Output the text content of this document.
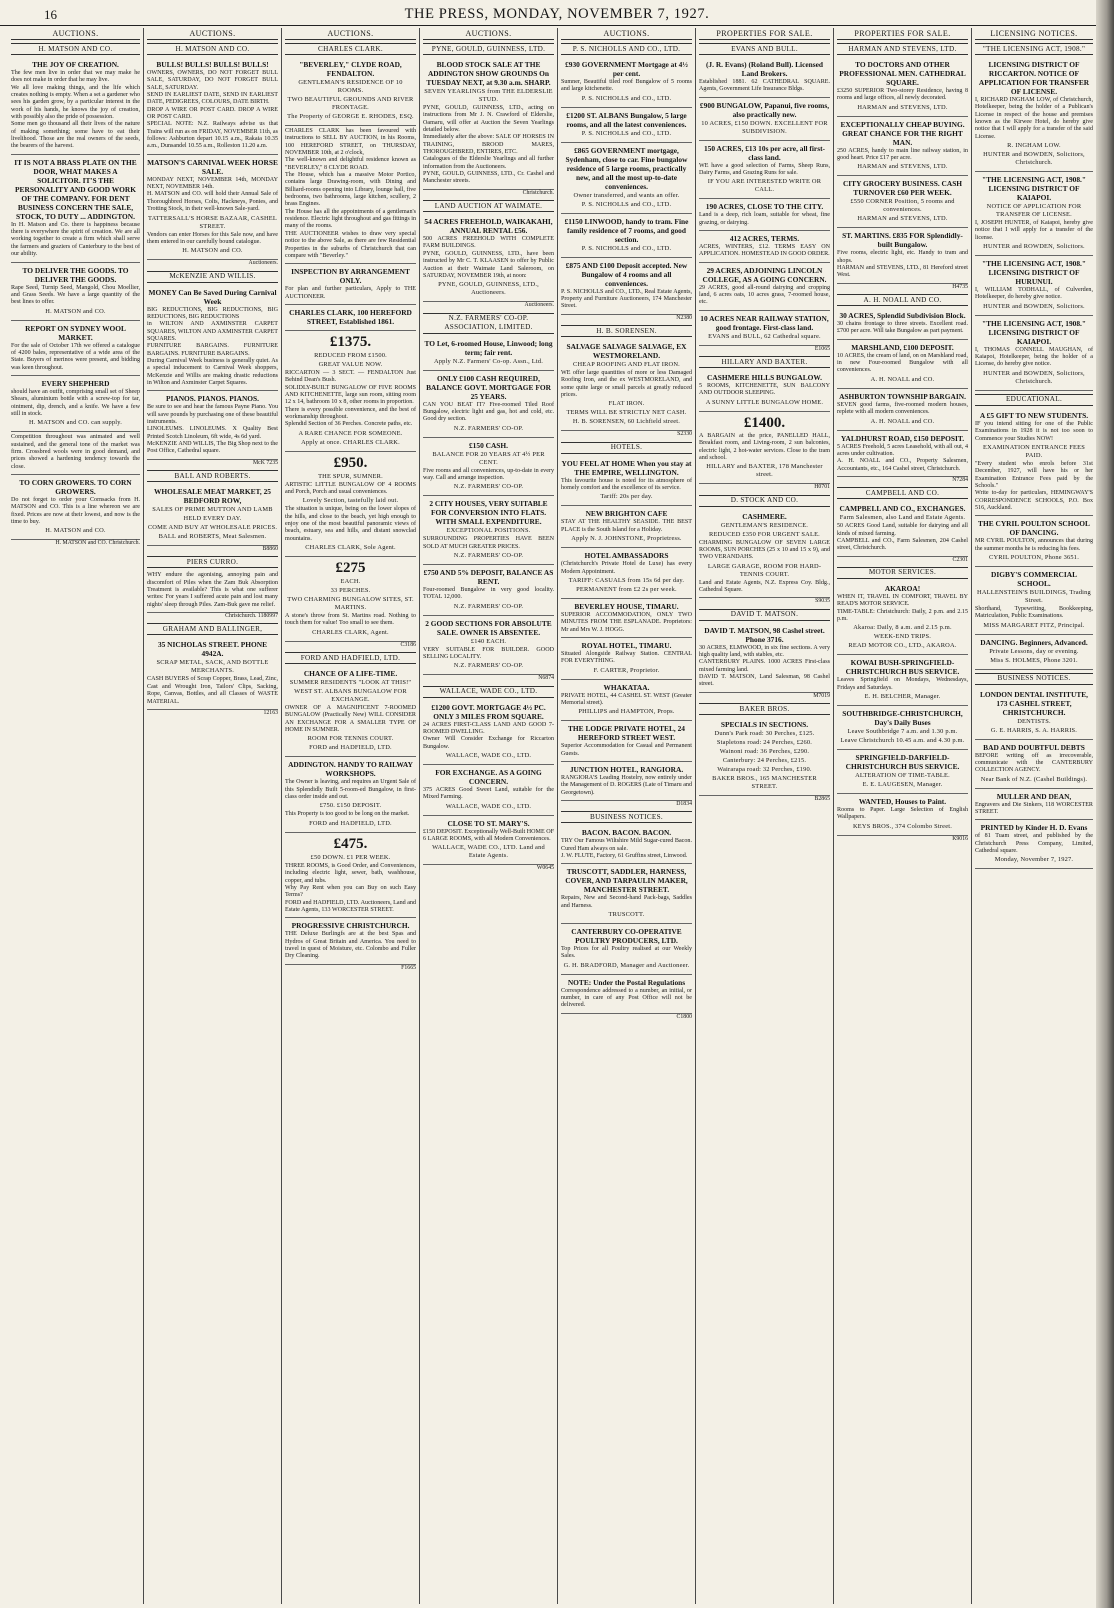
16	THE PRESS, MONDAY, NOVEMBER 7, 1927.
AUCTIONS.
H. MATSON AND CO.
THE JOY OF CREATION.
The few men live in order that we may make he does not make in order that he may live.
We all love making things, and the life which creates nothing is empty. When a set a gardener who sees his garden grow, by a particular interest in the work of his hands, he knows the joy of creation, with possibly also the pride of possession.
Some men go thousand all their lives of the nature of making something; some have to eat their livelihood. Those are the real owners of the seeds, the bearers of the harvest.
IT IS NOT A BRASS PLATE ON THE DOOR, WHAT MAKES A SOLICITOR. IT'S THE PERSONALITY AND GOOD WORK OF THE COMPANY. FOR DENT BUSINESS CONCERN THE SALE, STOCK, TO DUTY ... ADDINGTON.
In H. Matson and Co. there is happiness because there is everywhere the spirit of creation. We are all working together to create a firm which shall serve the farmers and graziers of Canterbury to the best of our ability.
TO DELIVER THE GOODS. TO DELIVER THE GOODS.
Rape Seed, Turnip Seed, Mangold, Chou Moellier, and Grass Seeds. We have a large quantity of the best lines to offer.
H. MATSON and CO.
REPORT ON SYDNEY WOOL MARKET.
For the sale of October 17th we offered a catalogue of 4200 bales, representative of a wide area of the State. Buyers of merinos were present, and bidding was keen throughout.
EVERY SHEPHERD
should have an outfit, comprising small set of Sheep Shears, aluminium bottle with a screw-top for tar, ointment, dip, drench, and a knife. We have a few still in stock.
H. MATSON and CO. can supply.
Competition throughout was animated and well sustained, and the general tone of the market was firm. Crossbred wools were in good demand, and prices showed a hardening tendency towards the close.
TO CORN GROWERS. TO CORN GROWERS.
Do not forget to order your Cornsacks from H. MATSON and CO. This is a line whereon we are fixed. Prices are now at their lowest, and now is the time to buy.
H. MATSON and CO.
H. MATSON and CO. Christchurch.
AUCTIONS.
H. MATSON AND CO.
BULLS! BULLS! BULLS! BULLS!
OWNERS, OWNERS, DO NOT FORGET BULL SALE, SATURDAY, DO NOT FORGET BULL SALE, SATURDAY.
SEND IN EARLIEST DATE, SEND IN EARLIEST DATE, PEDIGREES, COLOURS, DATE BIRTH.
DROP A WIRE OR POST CARD. DROP A WIRE OR POST CARD.
SPECIAL NOTE: N.Z. Railways advise us that Trains will run as on FRIDAY, NOVEMBER 11th, as follows: Ashburton depart 10.15 a.m., Rakaia 10.35 a.m., Dunsandel 10.55 a.m., Rolleston 11.20 a.m.
MATSON'S CARNIVAL WEEK HORSE SALE.
MONDAY NEXT, NOVEMBER 14th, MONDAY NEXT, NOVEMBER 14th.
H. MATSON and CO. will hold their Annual Sale of Thoroughbred Horses, Colts, Hackneys, Ponies, and Trotting Stock, in their well-known Sale-yard.
TATTERSALL'S HORSE BAZAAR, CASHEL STREET.
Vendors can enter Horses for this Sale now, and have them entered in our carefully bound catalogue.
H. MATSON and CO.
Auctioneers.
McKENZIE AND WILLIS.
MONEY Can Be Saved During Carnival Week
BIG REDUCTIONS, BIG REDUCTIONS, BIG REDUCTIONS, BIG REDUCTIONS
in WILTON AND AXMINSTER CARPET SQUARES, WILTON AND AXMINSTER CARPET SQUARES.
FURNITURE BARGAINS. FURNITURE BARGAINS. FURNITURE BARGAINS.
During Carnival Week business is generally quiet. As a special inducement to Carnival Week shoppers, McKenzie and Willis are making drastic reductions in Wilton and Axminster Carpet Squares.
PIANOS. PIANOS. PIANOS.
Be sure to see and hear the famous Payne Piano. You will save pounds by purchasing one of these beautiful instruments.
LINOLEUMS. LINOLEUMS. X Quality Best Printed Scotch Linoleum, 6ft wide, 4s 6d yard.
McKENZIE AND WILLIS, The Big Shop next to the Post Office, Cathedral square.
McK 7235
BALL AND ROBERTS.
WHOLESALE MEAT MARKET, 25 BEDFORD ROW,
SALES OF PRIME MUTTON AND LAMB
HELD EVERY DAY.
COME AND BUY AT WHOLESALE PRICES.
BALL and ROBERTS, Meat Salesmen.
B8860
PIERS CURRO.
WHY endure the agonising, annoying pain and discomfort of Piles when the Zam Buk Absorption Treatment is available? This is what one sufferer writes: For years I suffered acute pain and lost many nights' sleep through Piles. Zam-Buk gave me relief.
Christchurch. 1180997
GRAHAM AND BALLINGER,
35 NICHOLAS STREET. PHONE 4942A.
SCRAP METAL, SACK, AND BOTTLE MERCHANTS.
CASH BUYERS of Scrap Copper, Brass, Lead, Zinc, Cast and Wrought Iron, Tailors' Clips, Sacking, Rope, Canvas, Bottles, and all Classes of WASTE MATERIAL.
12163
AUCTIONS.
CHARLES CLARK.
"BEVERLEY," CLYDE ROAD, FENDALTON.
GENTLEMAN'S RESIDENCE OF 10 ROOMS.
TWO BEAUTIFUL GROUNDS AND RIVER FRONTAGE.
The Property of GEORGE E. RHODES, ESQ.
CHARLES CLARK has been favoured with instructions to SELL BY AUCTION, in his Rooms, 100 HEREFORD STREET, on THURSDAY, NOVEMBER 10th, at 2 o'clock,
The well-known and delightful residence known as "BEVERLEY," 8 CLYDE ROAD.
The House, which has a massive Motor Portico, contains large Drawing-room, with Dining and Billiard-rooms opening into Library, lounge hall, five bedrooms, two bathrooms, large kitchen, scullery, 2 brass Engines.
The House has all the appointments of a gentleman's residence. Electric light throughout and gas fittings in many of the rooms.
THE AUCTIONEER wishes to draw very special notice to the above Sale, as there are few Residential Properties in the suburbs of Christchurch that can compare with "Beverley."
INSPECTION BY ARRANGEMENT ONLY.
For plan and further particulars, Apply to THE AUCTIONEER.
CHARLES CLARK, 100 HEREFORD STREET, Established 1861.
£1375.
REDUCED FROM £1500.
GREAT VALUE NOW.
RICCARTON — 3 SECT. — FENDALTON Just Behind Dean's Bush.
SOLIDLY-BUILT BUNGALOW OF FIVE ROOMS AND KITCHENETTE, large sun room, sitting room 12 x 14, bathroom 10 x 8, other rooms in proportion.
There is every possible convenience, and the best of workmanship throughout.
Splendid Section of 36 Perches. Concrete paths, etc.
A RARE CHANCE FOR SOMEONE.
Apply at once. CHARLES CLARK.
£950.
THE SPUR, SUMNER.
ARTISTIC LITTLE BUNGALOW OF 4 ROOMS and Porch, Porch and usual conveniences.
Lovely Section, tastefully laid out.
The situation is unique, being on the lower slopes of the hills, and close to the beach, yet high enough to enjoy one of the most beautiful panoramic views of beach, estuary, sea and hills, and distant snowclad mountains.
CHARLES CLARK, Sole Agent.
£275
EACH.
33 PERCHES.
TWO CHARMING BUNGALOW SITES, ST. MARTINS.
A stone's throw from St. Martins road. Nothing to touch them for value! Too small to see them.
CHARLES CLARK, Agent.
C3186
FORD AND HADFIELD, LTD.
CHANCE OF A LIFE-TIME.
SUMMER RESIDENTS "LOOK AT THIS!"
WEST ST. ALBANS BUNGALOW FOR EXCHANGE.
OWNER OF A MAGNIFICENT 7-ROOMED BUNGALOW (Practically New) WILL CONSIDER AN EXCHANGE FOR A SMALLER TYPE OF HOME IN SUMNER.
ROOM FOR TENNIS COURT.
FORD and HADFIELD, LTD.
ADDINGTON. HANDY TO RAILWAY WORKSHOPS.
The Owner is leaving, and requires an Urgent Sale of this Splendidly Built 5-room-ed Bungalow, in first-class order inside and out.
£750. £150 DEPOSIT.
This Property is too good to be long on the market.
FORD and HADFIELD, LTD.
£475.
£50 DOWN. £1 PER WEEK.
THREE ROOMS, is Good Order, and Conveniences, including electric light, sewer, bath, washhouse, copper, and tubs.
Why Pay Rent when you can Buy on such Easy Terms?
FORD and HADFIELD, LTD. Auctioneers, Land and Estate Agents, 133 WORCESTER STREET.
PROGRESSIVE CHRISTCHURCH.
THE Deluxe Burlingfs are at the best Spas and Hydros of Great Britain and America. You need to travel in quest of Moisture, etc. Colombo and Fuller Dry Cleaning.
F1665
AUCTIONS.
PYNE, GOULD, GUINNESS, LTD.
BLOOD STOCK SALE AT THE ADDINGTON SHOW GROUNDS On TUESDAY NEXT, at 9.30 a.m. SHARP.
SEVEN YEARLINGS from THE ELDERSLIE STUD.
PYNE, GOULD, GUINNESS, LTD., acting on instructions from Mr J. N. Crawford of Elderslie, Oamaru, will offer at Auction the Seven Yearlings detailed below.
Immediately after the above: SALE OF HORSES IN TRAINING, BROOD MARES, THOROUGHBRED, ENTIRES, ETC.
Catalogues of the Elderslie Yearlings and all further information from the Auctioneers.
PYNE, GOULD, GUINNESS, LTD., Cr. Cashel and Manchester streets.
Christchurch.
LAND AUCTION AT WAIMATE.
54 ACRES FREEHOLD, WAIKAKAHI, ANNUAL RENTAL £56.
500 ACRES FREEHOLD WITH COMPLETE FARM BUILDINGS.
PYNE, GOULD, GUINNESS, LTD., have been instructed by Mr C. T. KLAASEN to offer by Public Auction at their Waimate Land Saleroom, on SATURDAY, NOVEMBER 19th, at noon:
PYNE, GOULD, GUINNESS, LTD., Auctioneers.
Auctioneers.
N.Z. FARMERS' CO-OP. ASSOCIATION, LIMITED.
TO Let, 6-roomed House, Linwood; long term; fair rent.
Apply N.Z. Farmers' Co-op. Assn., Ltd.
ONLY £100 CASH REQUIRED, BALANCE GOVT. MORTGAGE FOR 25 YEARS.
CAN YOU BEAT IT? Five-roomed Tiled Roof Bungalow, electric light and gas, hot and cold, etc. Good dry section.
N.Z. FARMERS' CO-OP.
£150 CASH.
BALANCE FOR 20 YEARS AT 4½ PER CENT.
Five rooms and all conveniences, up-to-date in every way. Call and arrange inspection.
N.Z. FARMERS' CO-OP.
2 CITY HOUSES, VERY SUITABLE FOR CONVERSION INTO FLATS. WITH SMALL EXPENDITURE.
EXCEPTIONAL POSITIONS.
SURROUNDING PROPERTIES HAVE BEEN SOLD AT MUCH GREATER PRICES.
N.Z. FARMERS' CO-OP.
£750 AND 5% DEPOSIT, BALANCE AS RENT.
Four-roomed Bungalow in very good locality. TOTAL 12,000.
N.Z. FARMERS' CO-OP.
2 GOOD SECTIONS FOR ABSOLUTE SALE. OWNER IS ABSENTEE.
£140 EACH.
VERY SUITABLE FOR BUILDER. GOOD SELLING LOCALITY.
N.Z. FARMERS' CO-OP.
N6874
WALLACE, WADE CO., LTD.
£1200 GOVT. MORTGAGE 4½ PC. ONLY 3 MILES FROM SQUARE.
24 ACRES FIRST-CLASS LAND AND GOOD 7-ROOMED DWELLING.
Owner Will Consider Exchange for Riccarton Bungalow.
WALLACE, WADE CO., LTD.
FOR EXCHANGE. AS A GOING CONCERN.
375 ACRES Good Sweet Land, suitable for the Mixed Farming.
WALLACE, WADE CO., LTD.
CLOSE TO ST. MARY'S.
£150 DEPOSIT. Exceptionally Well-Built HOME OF 6 LARGE ROOMS, with all Modern Conveniences.
WALLACE, WADE CO., LTD. Land and Estate Agents.
W0645
AUCTIONS.
P. S. NICHOLLS AND CO., LTD.
£930 GOVERNMENT Mortgage at 4½ per cent.
Sumner, Beautiful tiled roof Bungalow of 5 rooms and large kitchenette.
P. S. NICHOLLS and CO., LTD.
£1200 ST. ALBANS Bungalow, 5 large rooms, and all the latest conveniences.
P. S. NICHOLLS and CO., LTD.
£865 GOVERNMENT mortgage, Sydenham, close to car. Fine bungalow residence of 5 large rooms, practically new, and all the most up-to-date conveniences.
Owner transferred, and wants an offer.
P. S. NICHOLLS and CO., LTD.
£1150 LINWOOD, handy to tram. Fine family residence of 7 rooms, and good section.
P. S. NICHOLLS and CO., LTD.
£875 AND £100 Deposit accepted. New Bungalow of 4 rooms and all conveniences.
P. S. NICHOLLS and CO., LTD., Real Estate Agents, Property and Furniture Auctioneers, 174 Manchester Street.
N2380
H. B. SORENSEN.
SALVAGE SALVAGE SALVAGE, EX WESTMORELAND.
CHEAP ROOFING AND FLAT IRON.
WE offer large quantities of more or less Damaged Roofing Iron, and the ex WESTMORELAND, and some quite large or small parcels at greatly reduced prices.
FLAT IRON.
TERMS WILL BE STRICTLY NET CASH.
H. B. SORENSEN, 60 Lichfield street.
S2330
HOTELS.
YOU FEEL AT HOME When you stay at THE EMPIRE, WELLINGTON.
This favourite house is noted for its atmosphere of homely comfort and the excellence of its service.
Tariff: 20s per day.
NEW BRIGHTON CAFE
STAY AT THE HEALTHY SEASIDE. THE BEST PLACE is the South Island for a Holiday.
Apply N. J. JOHNSTONE, Proprietress.
HOTEL AMBASSADORS
(Christchurch's Private Hotel de Luxe) has every Modern Appointment.
TARIFF: CASUALS from 15s 6d per day.
PERMANENT from £2 2s per week.
BEVERLEY HOUSE, TIMARU.
SUPERIOR ACCOMMODATION, ONLY TWO MINUTES FROM THE ESPLANADE. Proprietors: Mr and Mrs W. J. HOGG.
ROYAL HOTEL, TIMARU.
Situated Alongside Railway Station. CENTRAL FOR EVERYTHING.
F. CARTER, Proprietor.
WHAKATAA.
PRIVATE HOTEL, 44 CASHEL ST. WEST (Greater Memorial street).
PHILLIPS and HAMPTON, Props.
THE LODGE PRIVATE HOTEL, 24 HEREFORD STREET WEST.
Superior Accommodation for Casual and Permanent Guests.
JUNCTION HOTEL, RANGIORA.
RANGIORA'S Leading Hostelry, now entirely under the Management of D. ROGERS (Late of Timaru and Georgetown).
D1834
BUSINESS NOTICES.
BACON. BACON. BACON.
TRY Our Famous Wiltshire Mild Sugar-cured Bacon. Cured Ham always on sale.
J. W. FLUTE, Factory, 61 Gruffins street, Linwood.
TRUSCOTT, SADDLER, HARNESS, COVER, AND TARPAULIN MAKER, MANCHESTER STREET.
Repairs, New and Second-hand Pack-bags, Saddles and Harness.
TRUSCOTT.
CANTERBURY CO-OPERATIVE POULTRY PRODUCERS, LTD.
Top Prices for all Poultry realised at our Weekly Sales.
G. H. BRADFORD, Manager and Auctioneer.
NOTE: Under the Postal Regulations
Correspondence addressed to a number, an initial, or number, in care of any Post Office will not be delivered.
C1800
PROPERTIES FOR SALE.
EVANS AND BULL.
(J. R. Evans) (Roland Bull). Licensed Land Brokers.
Established 1881. 62 CATHEDRAL SQUARE. Agents, Government Life Insurance Bldgs.
£900 BUNGALOW, Papanui, five rooms, also practically new.
10 ACRES, £150 DOWN. EXCELLENT FOR SUBDIVISION.
150 ACRES, £13 10s per acre, all first-class land.
WE have a good selection of Farms, Sheep Runs, Dairy Farms, and Grazing Runs for sale.
IF YOU ARE INTERESTED WRITE OR CALL.
190 ACRES, CLOSE TO THE CITY.
Land is a deep, rich loam, suitable for wheat, fine grazing, or dairying.
412 ACRES, TERMS.
ACRES, WINTERS, £12. TERMS EASY ON APPLICATION. HOMESTEAD IN GOOD ORDER.
29 ACRES, ADJOINING LINCOLN COLLEGE, AS A GOING CONCERN.
29 ACRES, good all-round dairying and cropping land, 6 acres oats, 10 acres grass, 7-roomed house, etc.
10 ACRES NEAR RAILWAY STATION, good frontage. First-class land.
EVANS and BULL, 62 Cathedral square.
E1065
HILLARY AND BAXTER.
CASHMERE HILLS BUNGALOW.
5 ROOMS, KITCHENETTE, SUN BALCONY AND OUTDOOR SLEEPING.
A SUNNY LITTLE BUNGALOW HOME.
£1400.
A BARGAIN at the price, PANELLED HALL, Breakfast room, and Living-room, 2 sun balconies, electric light, 2 hot-water services. Close to the tram and school.
HILLARY and BAXTER, 178 Manchester street.
H0701
D. STOCK AND CO.
CASHMERE.
GENTLEMAN'S RESIDENCE.
REDUCED £350 FOR URGENT SALE.
CHARMING BUNGALOW OF SEVEN LARGE ROOMS, SUN PORCHES (25 x 10 and 15 x 9), and TWO VERANDAHS.
LARGE GARAGE, ROOM FOR HARD-TENNIS COURT.
Land and Estate Agents, N.Z. Express Coy. Bldg., Cathedral Square.
S9035
DAVID T. MATSON.
DAVID T. MATSON, 98 Cashel street. Phone 3716.
30 ACRES, ELMWOOD, in six fine sections. A very high quality land, with stables, etc.
CANTERBURY PLAINS. 1000 ACRES First-class mixed farming land.
DAVID T. MATSON, Land Salesman, 98 Cashel street.
M7019
BAKER BROS.
SPECIALS IN SECTIONS.
Dunn's Park road: 30 Perches, £125.
Stapletons road: 24 Perches, £260.
Wainoni road: 36 Perches, £290.
Canterbury: 24 Perches, £215.
Wairarapa road: 32 Perches, £190.
BAKER BROS., 165 MANCHESTER STREET.
B2865
PROPERTIES FOR SALE.
HARMAN AND STEVENS, LTD.
TO DOCTORS AND OTHER PROFESSIONAL MEN. CATHEDRAL SQUARE.
£3250 SUPERIOR Two-storey Residence, having 8 rooms and large offices, all newly decorated.
HARMAN and STEVENS, LTD.
EXCEPTIONALLY CHEAP BUYING. GREAT CHANCE FOR THE RIGHT MAN.
250 ACRES, handy to main line railway station, in good heart. Price £17 per acre.
HARMAN and STEVENS, LTD.
CITY GROCERY BUSINESS. CASH TURNOVER £60 PER WEEK.
£550 CORNER Position, 5 rooms and conveniences.
HARMAN and STEVENS, LTD.
ST. MARTINS. £835 FOR Splendidly-built Bungalow.
Five rooms, electric light, etc. Handy to tram and shops.
HARMAN and STEVENS, LTD., 81 Hereford street West.
H4735
A. H. NOALL AND CO.
30 ACRES, Splendid Subdivision Block.
30 chains frontage to three streets. Excellent road. £700 per acre. Will take Bungalow as part payment.
MARSHLAND, £100 DEPOSIT.
10 ACRES, the cream of land, on on Marshland road, in new Four-roomed Bungalow with all conveniences.
A. H. NOALL and CO.
ASHBURTON TOWNSHIP BARGAIN.
SEVEN good farms, five-roomed modern houses, replete with all modern conveniences.
A. H. NOALL and CO.
YALDHURST ROAD, £150 DEPOSIT.
5 ACRES Freehold, 5 acres Leasehold, with all out, 4 acres under cultivation.
A. H. NOALL and CO., Property Salesmen, Accountants, etc., 164 Cashel street, Christchurch.
N7284
CAMPBELL AND CO.
CAMPBELL AND CO., EXCHANGES.
Farm Salesmen, also Land and Estate Agents.
50 ACRES Good Land, suitable for dairying and all kinds of mixed farming.
CAMPBELL and CO., Farm Salesmen, 204 Cashel street, Christchurch.
C2301
MOTOR SERVICES.
AKAROA!
WHEN IT, TRAVEL IN COMFORT, TRAVEL BY READ'S MOTOR SERVICE.
TIME-TABLE: Christchurch: Daily, 2 p.m. and 2.15 p.m.
Akaroa: Daily, 8 a.m. and 2.15 p.m.
WEEK-END TRIPS.
READ MOTOR CO., LTD., AKAROA.
KOWAI BUSH-SPRINGFIELD-CHRISTCHURCH BUS SERVICE.
Leaves Springfield on Mondays, Wednesdays, Fridays and Saturdays.
E. H. BELCHER, Manager.
SOUTHBRIDGE-CHRISTCHURCH, Day's Daily Buses
Leave Southbridge 7 a.m. and 1.30 p.m.
Leave Christchurch 10.45 a.m. and 4.30 p.m.
SPRINGFIELD-DARFIELD-CHRISTCHURCH BUS SERVICE.
ALTERATION OF TIME-TABLE.
E. E. LAUGESEN, Manager.
WANTED, Houses to Paint.
Rooms to Paper. Large Selection of English Wallpapers.
KEYS BROS., 374 Colombo Street.
K9016
LICENSING NOTICES.
"THE LICENSING ACT, 1908."
LICENSING DISTRICT OF RICCARTON. NOTICE OF APPLICATION FOR TRANSFER OF LICENSE.
I, RICHARD INGHAM LOW, of Christchurch, Hotelkeeper, being the holder of a Publican's License in respect of the house and premises known as the Kirwee Hotel, do hereby give notice that I will apply for a transfer of the said License.
R. INGHAM LOW.
HUNTER and BOWDEN, Solicitors, Christchurch.
"THE LICENSING ACT, 1908." LICENSING DISTRICT OF KAIAPOI.
NOTICE OF APPLICATION FOR TRANSFER OF LICENSE.
I, JOSEPH HUNTER, of Kaiapoi, hereby give notice that I will apply for a transfer of the license.
HUNTER and ROWDEN, Solicitors.
"THE LICENSING ACT, 1908." LICENSING DISTRICT OF HURUNUI.
I, WILLIAM TODHALL, of Culverden, Hotelkeeper, do hereby give notice.
HUNTER and BOWDEN, Solicitors.
"THE LICENSING ACT, 1908." LICENSING DISTRICT OF KAIAPOI.
I, THOMAS CONNELL MAUGHAN, of Kaiapoi, Hotelkeeper, being the holder of a License, do hereby give notice.
HUNTER and BOWDEN, Solicitors, Christchurch.
EDUCATIONAL.
A £5 GIFT TO NEW STUDENTS.
IF you intend sitting for one of the Public Examinations in 1928 it is not too soon to Commence your Studies NOW!
EXAMINATION ENTRANCE FEES PAID.
"Every student who enrols before 31st December, 1927, will have his or her Examination Entrance Fees paid by the Schools."
Write to-day for particulars, HEMINGWAY'S CORRESPONDENCE SCHOOLS, P.O. Box 516, Auckland.
THE CYRIL POULTON SCHOOL OF DANCING.
MR CYRIL POULTON, announces that during the summer months he is reducing his fees.
CYRIL POULTON, Phone 3651.
DIGBY'S COMMERCIAL SCHOOL.
HALLENSTEIN'S BUILDINGS, Trading Street.
Shorthand, Typewriting, Bookkeeping, Matriculation, Public Examinations.
MISS MARGARET FITZ, Principal.
DANCING. Beginners, Advanced.
Private Lessons, day or evening.
Miss S. HOLMES, Phone 3201.
BUSINESS NOTICES.
LONDON DENTAL INSTITUTE, 173 CASHEL STREET, CHRISTCHURCH.
DENTISTS.
G. E. HARRIS, S. A. HARRIS.
BAD AND DOUBTFUL DEBTS
BEFORE writing off as irrecoverable, communicate with the CANTERBURY COLLECTION AGENCY.
Near Bank of N.Z. (Cashel Buildings).
MULLER AND DEAN,
Engravers and Die Sinkers, 118 WORCESTER STREET.
PRINTED by Kinder H. D. Evans
of 81 Tuam street, and published by the Christchurch Press Company, Limited, Cathedral square.
Monday, November 7, 1927.
